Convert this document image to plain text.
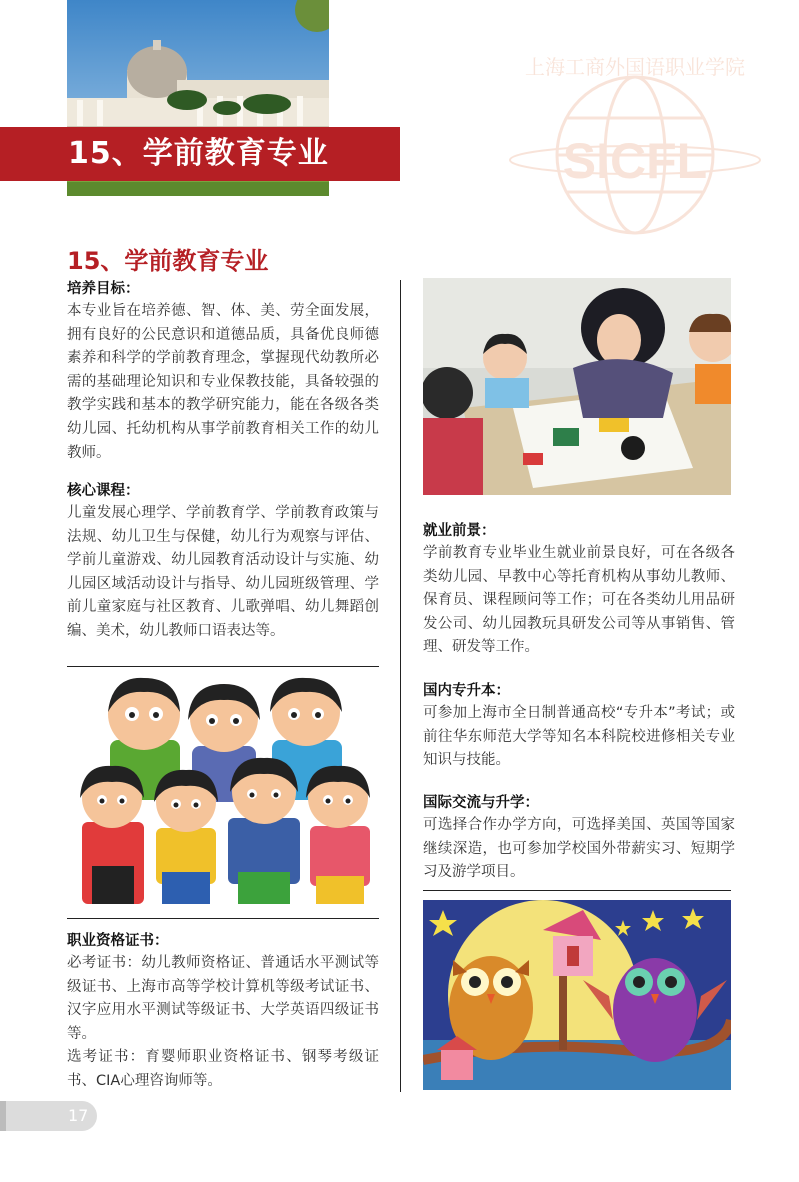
15、学前教育专业	SICFL
上海工商外国语职业学院
15、学前教育专业
培养目标：
本专业旨在培养德、智、体、美、劳全面发展，拥有良好的公民意识和道德品质，具备优良师德素养和科学的学前教育理念，掌握现代幼教所必需的基础理论知识和专业保教技能，具备较强的教学实践和基本的教学研究能力，能在各级各类幼儿园、托幼机构从事学前教育相关工作的幼儿教师。
核心课程：
儿童发展心理学、学前教育学、学前教育政策与法规、幼儿卫生与保健，幼儿行为观察与评估、学前儿童游戏、幼儿园教育活动设计与实施、幼儿园区域活动设计与指导、幼儿园班级管理、学前儿童家庭与社区教育、儿歌弹唱、幼儿舞蹈创编、美术，幼儿教师口语表达等。
职业资格证书：
必考证书：幼儿教师资格证、普通话水平测试等级证书、上海市高等学校计算机等级考试证书、汉字应用水平测试等级证书、大学英语四级证书等。
选考证书：育婴师职业资格证书、钢琴考级证书、CIA心理咨询师等。
就业前景：
学前教育专业毕业生就业前景良好，可在各级各类幼儿园、早教中心等托育机构从事幼儿教师、保育员、课程顾问等工作；可在各类幼儿用品研发公司、幼儿园教玩具研发公司等从事销售、管理、研发等工作。
国内专升本：
可参加上海市全日制普通高校“专升本”考试；或前往华东师范大学等知名本科院校进修相关专业知识与技能。
国际交流与升学：
可选择合作办学方向，可选择美国、英国等国家继续深造，也可参加学校国外带薪实习、短期学习及游学项目。
17
